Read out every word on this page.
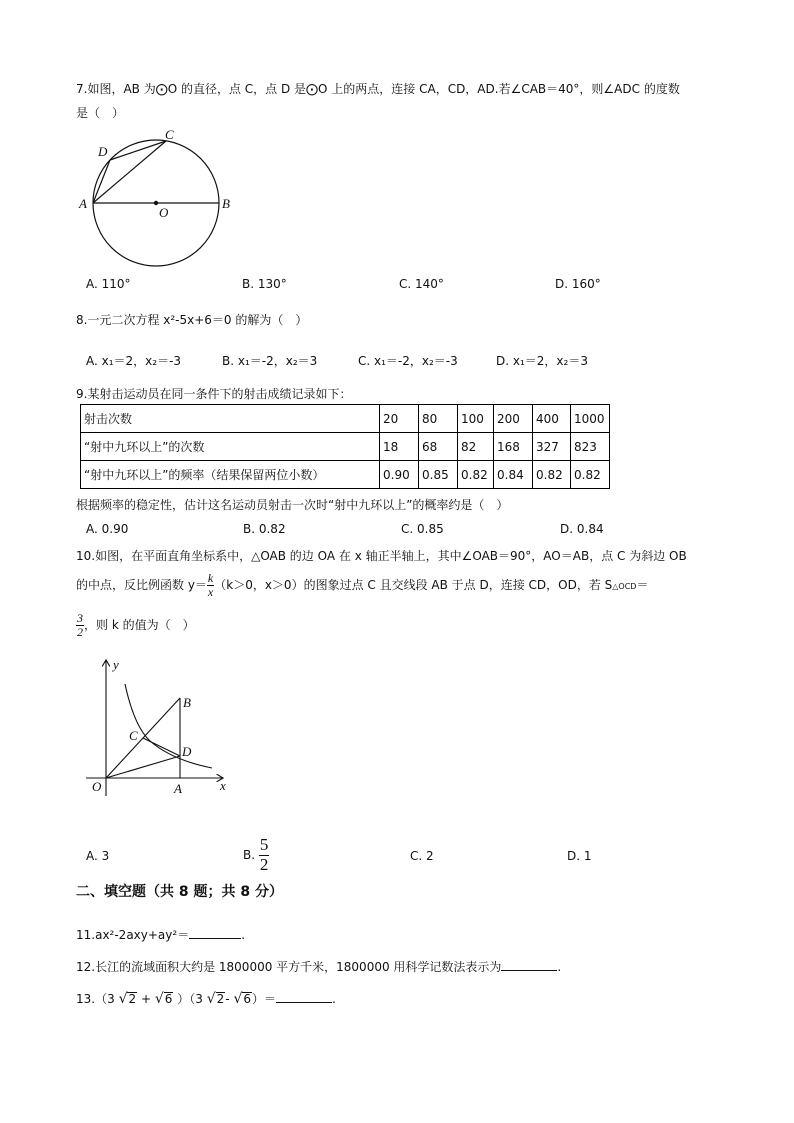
7.如图，AB 为⨀O 的直径，点 C，点 D 是⨀O 上的两点，连接 CA，CD，AD.若∠CAB＝40°，则∠ADC 的度数
是（　）
A	B
C
D
O
A. 110°	B. 130°	C. 140°	D. 160°
8.一元二次方程 x²-5x+6＝0 的解为（　）
A. x₁＝2，x₂＝-3	B. x₁＝-2，x₂＝3	C. x₁＝-2，x₂＝-3	D. x₁＝2，x₂＝3
9.某射击运动员在同一条件下的射击成绩记录如下：
射击次数	20	80	100	200	400	1000
“射中九环以上”的次数	18	68	82	168	327	823
“射中九环以上”的频率（结果保留两位小数）	0.90	0.85	0.82	0.84	0.82	0.82
根据频率的稳定性，估计这名运动员射击一次时“射中九环以上”的概率约是（　）
A. 0.90	B. 0.82	C. 0.85	D. 0.84
10.如图，在平面直角坐标系中，△OAB 的边 OA 在 x 轴正半轴上，其中∠OAB＝90°，AO＝AB，点 C 为斜边 OB
的中点，反比例函数 $y= \frac{k}{x} (k>0$，x＞0）的图象过点 C 且交线段 AB 于点 D，连接 CD，OD，若 S△OCD＝
$\frac{3}{2}$ ，则 k 的值为（　）
y
x
O	A
B
C
D
A. 3	B. $\frac{5}{2}$	C. 2	D. 1
二、填空题（共 8 题；共 8 分）
11.ax²-2axy+ay²＝	.
12.长江的流域面积大约是 1800000 平方千米，1800000 用科学记数法表示为	.
13.（3 √2 + √6 ）（3 √2- √6）＝	.
